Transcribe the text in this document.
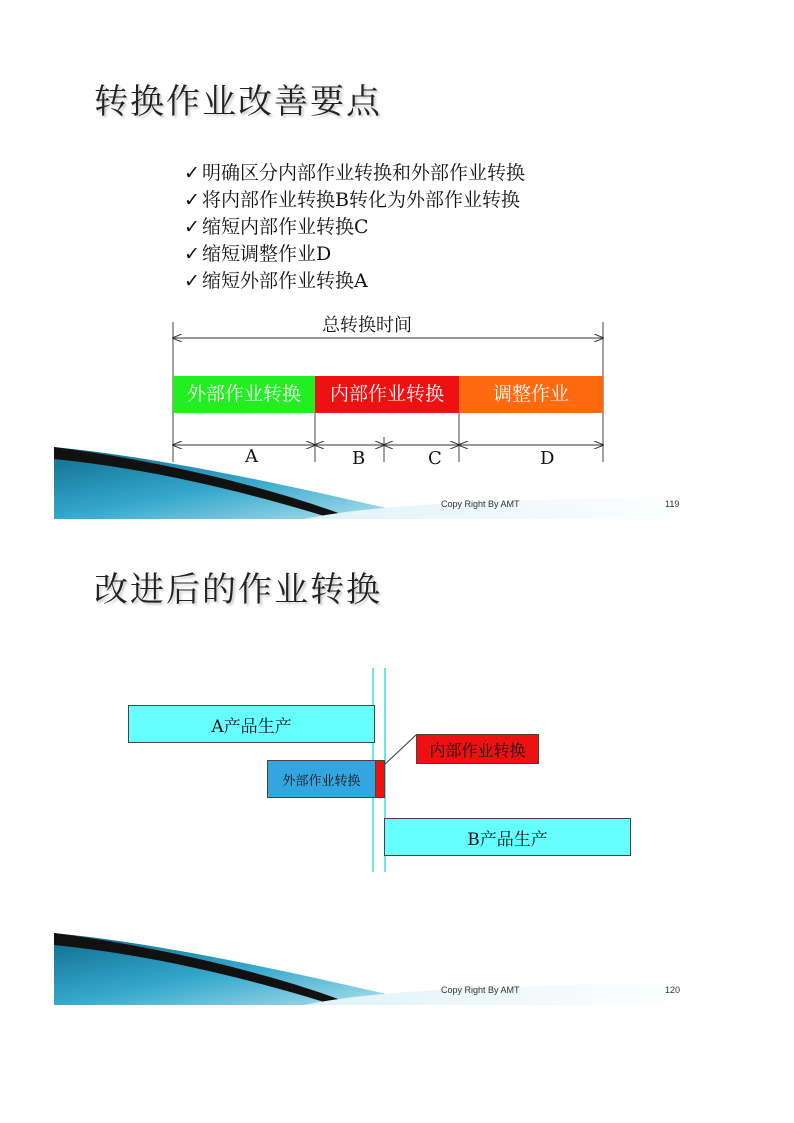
转换作业改善要点
✓ 明确区分内部作业转换和外部作业转换
✓ 将内部作业转换B转化为外部作业转换
✓ 缩短内部作业转换C
✓ 缩短调整作业D
✓ 缩短外部作业转换A
总转换时间
外部作业转换	内部作业转换	调整作业
A	B	C	D
Copy Right By AMT	119
改进后的作业转换
A产品生产
外部作业转换
内部作业转换
B产品生产
Copy Right By AMT	120
